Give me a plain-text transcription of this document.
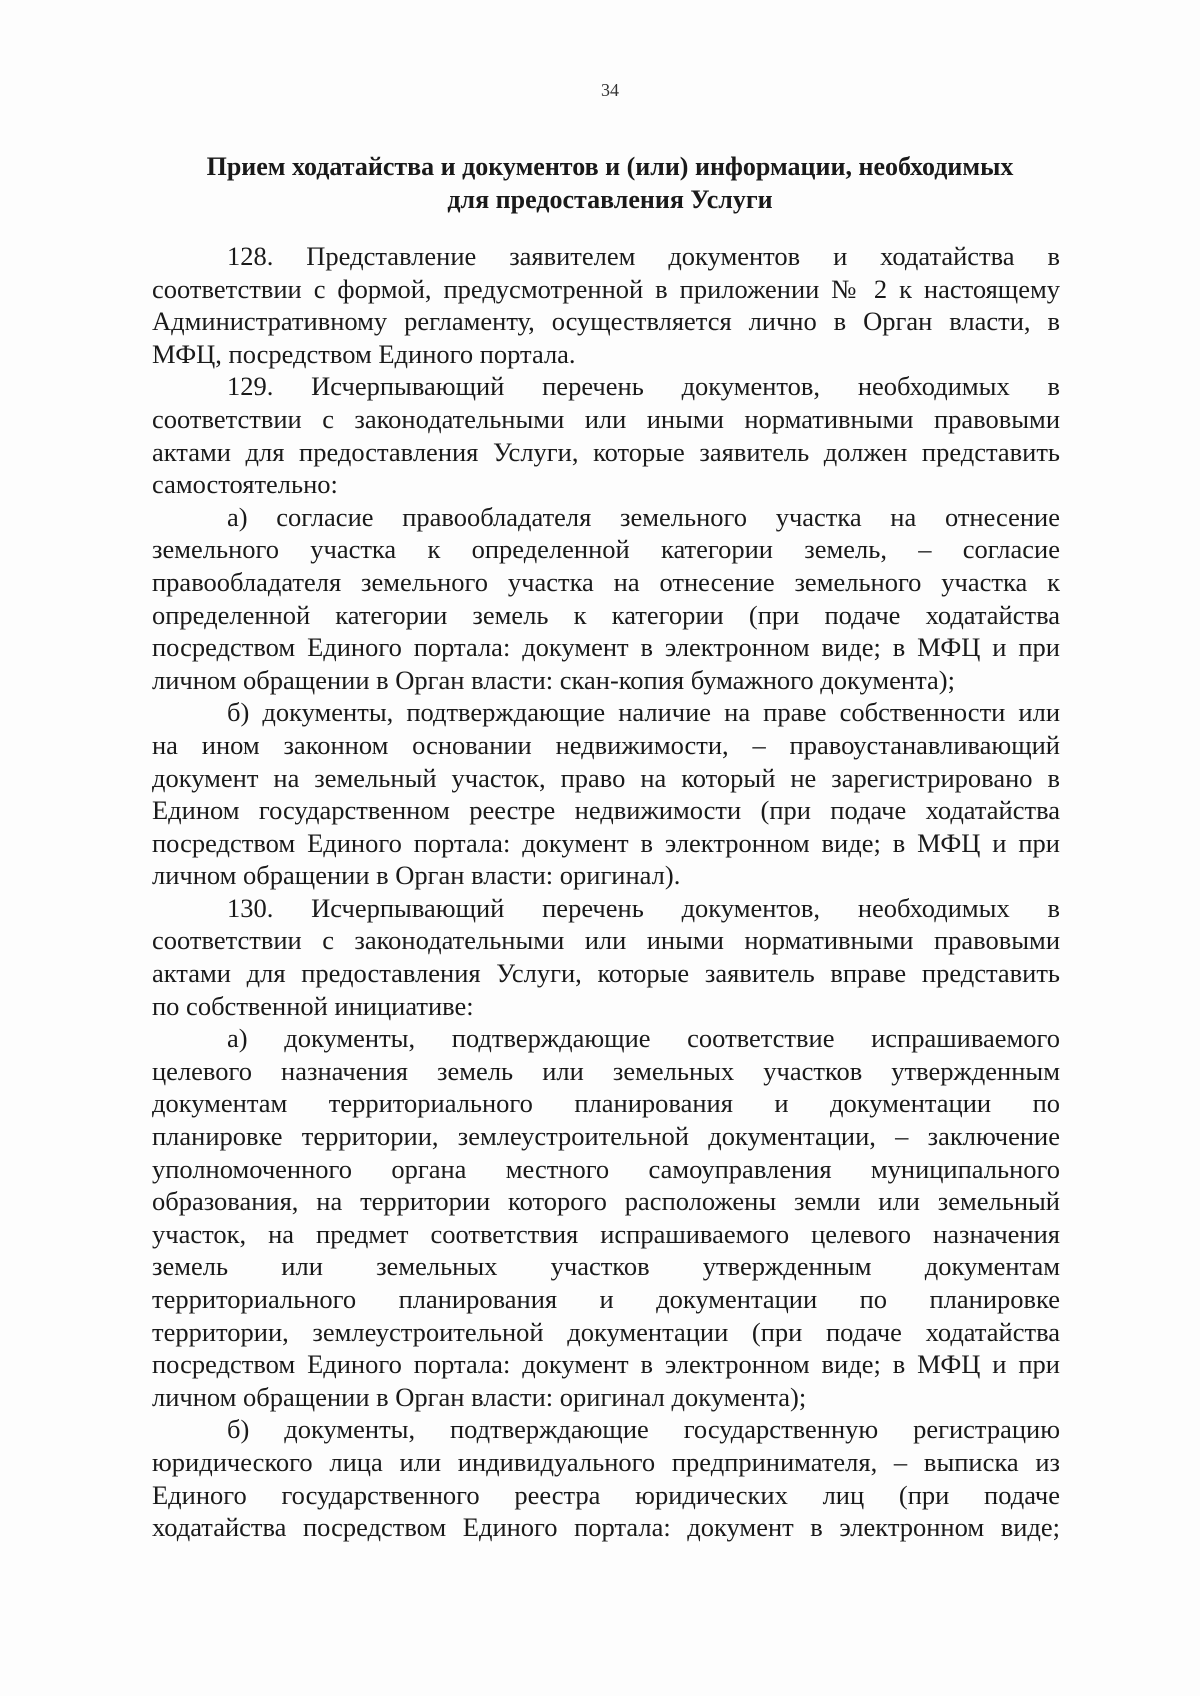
34
Прием ходатайства и документов и (или) информации, необходимых
для предоставления Услуги
128. Представление заявителем документов и ходатайства в
соответствии с формой, предусмотренной в приложении № 2 к настоящему
Административному регламенту, осуществляется лично в Орган власти, в
МФЦ, посредством Единого портала.
129. Исчерпывающий перечень документов, необходимых в
соответствии с законодательными или иными нормативными правовыми
актами для предоставления Услуги, которые заявитель должен представить
самостоятельно:
а) согласие правообладателя земельного участка на отнесение
земельного участка к определенной категории земель, – согласие
правообладателя земельного участка на отнесение земельного участка к
определенной категории земель к категории (при подаче ходатайства
посредством Единого портала: документ в электронном виде; в МФЦ и при
личном обращении в Орган власти: скан-копия бумажного документа);
б) документы, подтверждающие наличие на праве собственности или
на ином законном основании недвижимости, – правоустанавливающий
документ на земельный участок, право на который не зарегистрировано в
Едином государственном реестре недвижимости (при подаче ходатайства
посредством Единого портала: документ в электронном виде; в МФЦ и при
личном обращении в Орган власти: оригинал).
130. Исчерпывающий перечень документов, необходимых в
соответствии с законодательными или иными нормативными правовыми
актами для предоставления Услуги, которые заявитель вправе представить
по собственной инициативе:
а) документы, подтверждающие соответствие испрашиваемого
целевого назначения земель или земельных участков утвержденным
документам территориального планирования и документации по
планировке территории, землеустроительной документации, – заключение
уполномоченного органа местного самоуправления муниципального
образования, на территории которого расположены земли или земельный
участок, на предмет соответствия испрашиваемого целевого назначения
земель или земельных участков утвержденным документам
территориального планирования и документации по планировке
территории, землеустроительной документации (при подаче ходатайства
посредством Единого портала: документ в электронном виде; в МФЦ и при
личном обращении в Орган власти: оригинал документа);
б) документы, подтверждающие государственную регистрацию
юридического лица или индивидуального предпринимателя, – выписка из
Единого государственного реестра юридических лиц (при подаче
ходатайства посредством Единого портала: документ в электронном виде;
